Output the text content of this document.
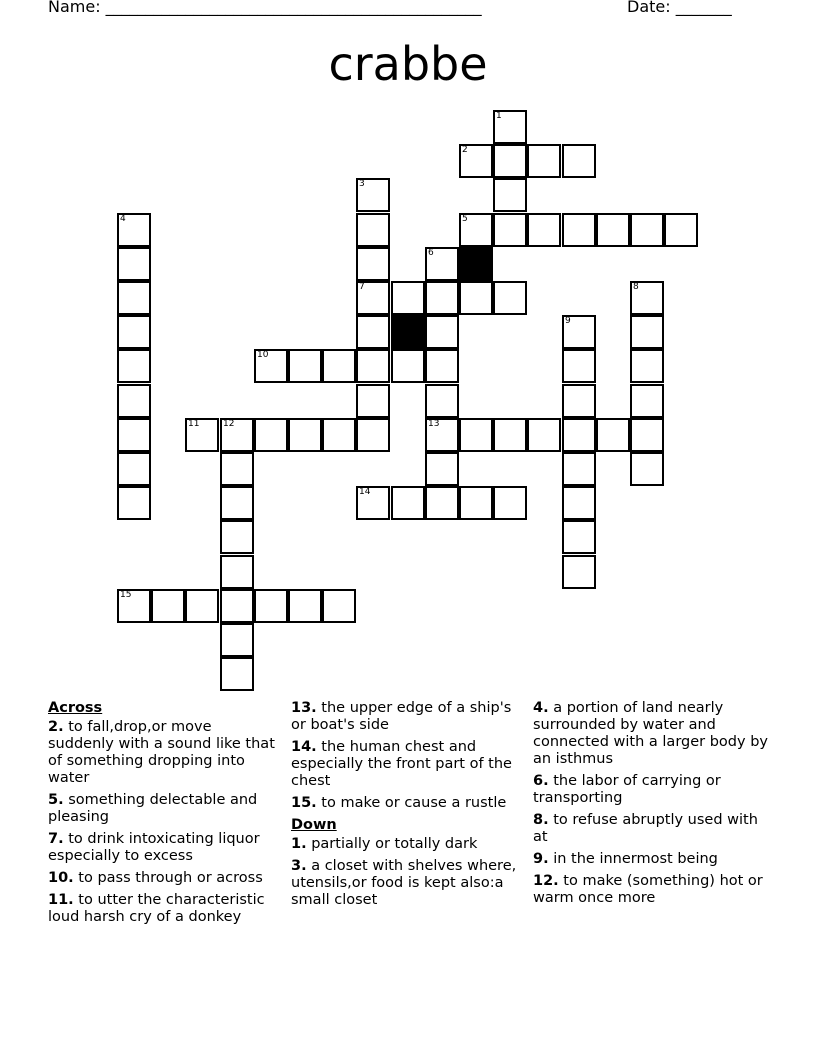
Name: _______________________________________________	Date: _______
crabbe
1
2
3
7
4	5
6
13
8
9
10
11	12
14
15
Across
2. to fall,drop,or move suddenly with a sound like that of something dropping into water
5. something delectable and pleasing
7. to drink intoxicating liquor especially to excess
10. to pass through or across
11. to utter the characteristic loud harsh cry of a donkey
13. the upper edge of a ship's or boat's side
14. the human chest and especially the front part of the chest
15. to make or cause a rustle
Down
1. partially or totally dark
3. a closet with shelves where, utensils,or food is kept also:a small closet
4. a portion of land nearly surrounded by water and connected with a larger body by an isthmus
6. the labor of carrying or transporting
8. to refuse abruptly used with at
9. in the innermost being
12. to make (something) hot or warm once more
